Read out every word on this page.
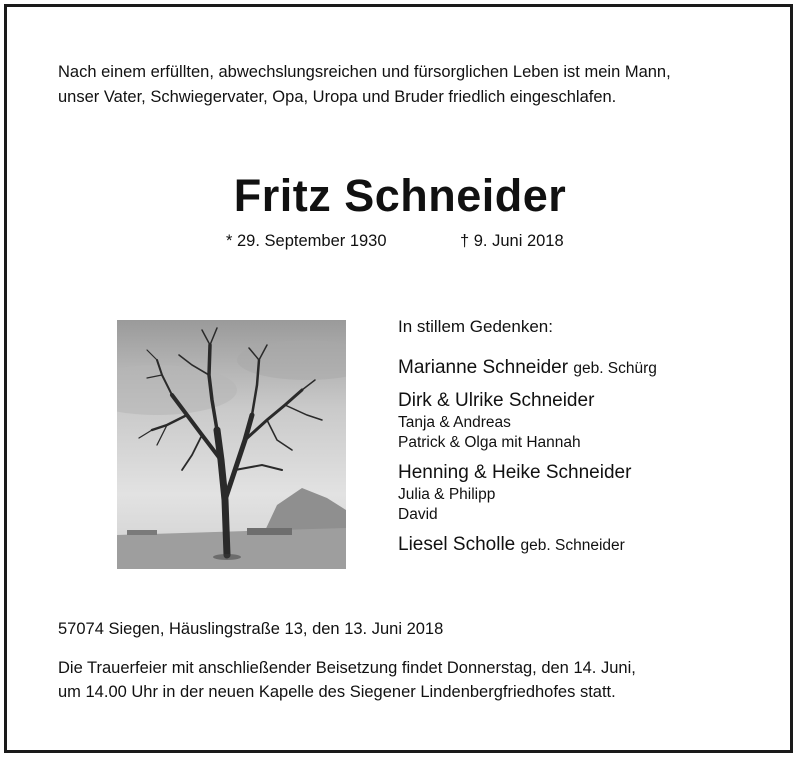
Nach einem erfüllten, abwechslungsreichen und fürsorglichen Leben ist mein Mann,
unser Vater, Schwiegervater, Opa, Uropa und Bruder friedlich eingeschlafen.
Fritz Schneider
* 29. September 1930	† 9. Juni 2018
In stillem Gedenken:
Marianne Schneider geb. Schürg
Dirk & Ulrike Schneider
Tanja & Andreas
Patrick & Olga mit Hannah
Henning & Heike Schneider
Julia & Philipp
David
Liesel Scholle geb. Schneider
57074 Siegen, Häuslingstraße 13, den 13. Juni 2018
Die Trauerfeier mit anschließender Beisetzung findet Donnerstag, den 14. Juni,
um 14.00 Uhr in der neuen Kapelle des Siegener Lindenbergfriedhofes statt.
